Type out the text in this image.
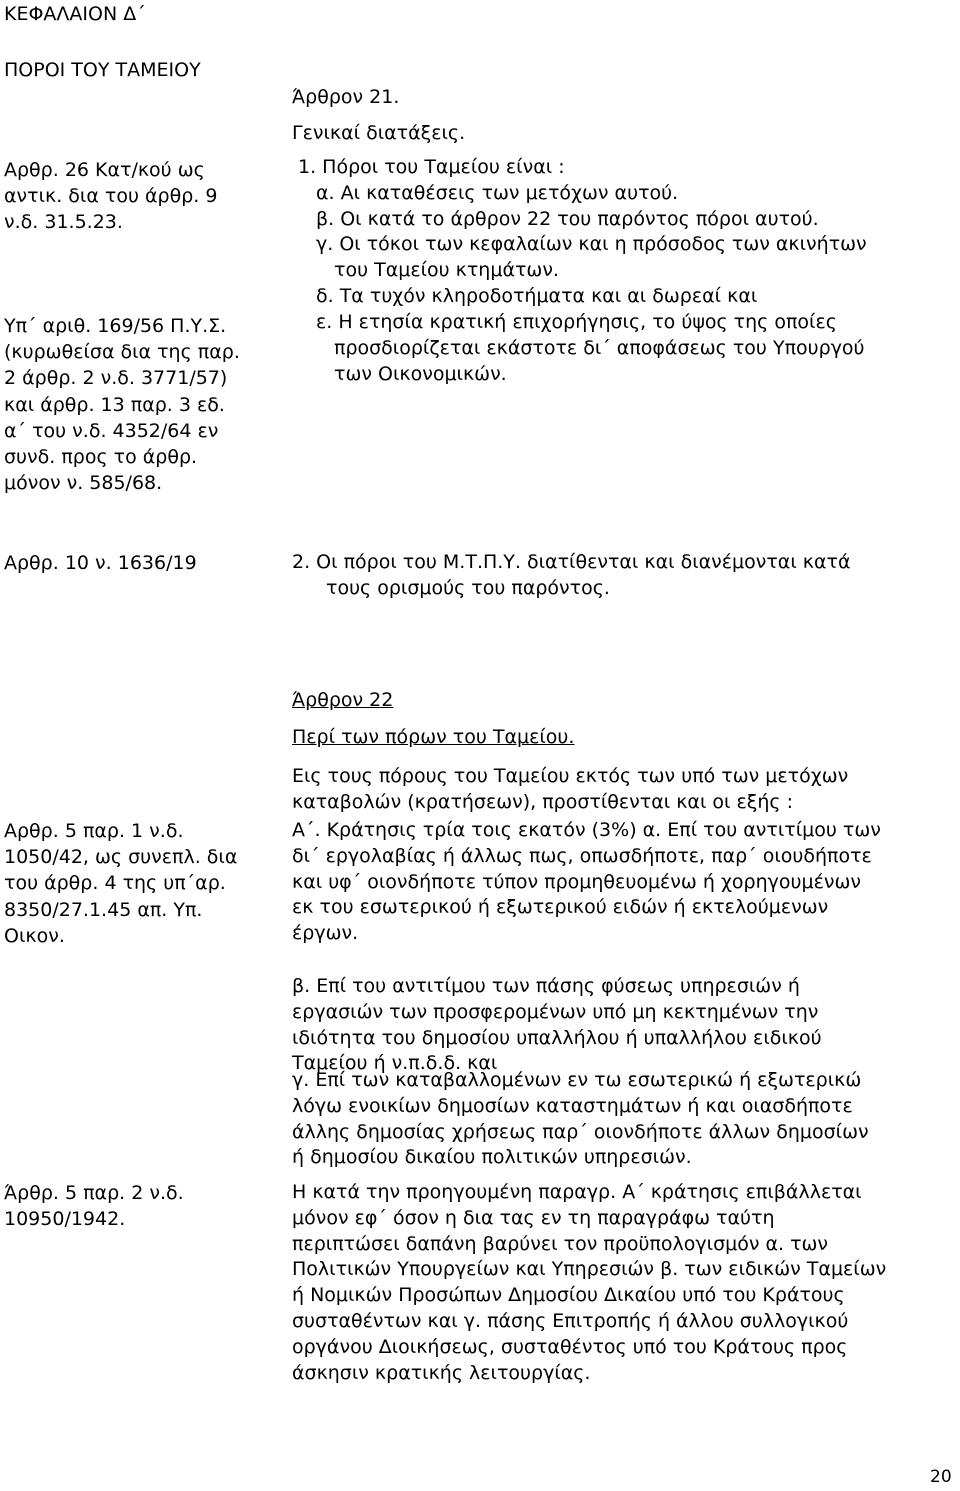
ΚΕΦΑΛΑΙΟΝ Δ΄
ΠΟΡΟΙ ΤΟΥ ΤΑΜΕΙΟΥ
Αρθρ. 26 Κατ/κού ως
αντικ. δια του άρθρ. 9
ν.δ. 31.5.23.
Υπ΄ αριθ. 169/56 Π.Υ.Σ.
(κυρωθείσα δια της παρ.
2 άρθρ. 2 ν.δ. 3771/57)
και άρθρ. 13 παρ. 3 εδ.
α΄ του ν.δ. 4352/64 εν
συνδ. προς το άρθρ.
μόνον ν. 585/68.
Αρθρ. 10 ν. 1636/19
Αρθρ. 5 παρ. 1 ν.δ.
1050/42, ως συνεπλ. δια
του άρθρ. 4 της υπ΄αρ.
8350/27.1.45 απ. Υπ.
Οικον.
Άρθρ. 5 παρ. 2 ν.δ.
10950/1942.
Άρθρον 21.
Γενικαί διατάξεις.
1. Πόροι του Ταμείου είναι :
α. Αι καταθέσεις των μετόχων αυτού.
β. Οι κατά το άρθρον 22 του παρόντος πόροι αυτού.
γ. Οι τόκοι των κεφαλαίων και η πρόσοδος των ακινήτων
του Ταμείου κτημάτων.
δ. Τα τυχόν κληροδοτήματα και αι δωρεαί και
ε. Η ετησία κρατική επιχορήγησις, το ύψος της οποίες
προσδιορίζεται εκάστοτε δι΄ αποφάσεως του Υπουργού
των Οικονομικών.
2. Οι πόροι του Μ.Τ.Π.Υ. διατίθενται και διανέμονται κατά
τους ορισμούς του παρόντος.
Άρθρον 22
Περί των πόρων του Ταμείου.
Εις τους πόρους του Ταμείου εκτός των υπό των μετόχων
καταβολών (κρατήσεων), προστίθενται και οι εξής :
Α΄. Κράτησις τρία τοις εκατόν (3%) α. Επί του αντιτίμου των
δι΄ εργολαβίας ή άλλως πως, οπωσδήποτε, παρ΄ οιουδήποτε
και υφ΄ οιονδήποτε τύπον προμηθευομένω ή χορηγουμένων
εκ του εσωτερικού ή εξωτερικού ειδών ή εκτελούμενων
έργων.
β. Επί του αντιτίμου των πάσης φύσεως υπηρεσιών ή
εργασιών των προσφερομένων υπό μη κεκτημένων την
ιδιότητα του δημοσίου υπαλλήλου ή υπαλλήλου ειδικού
Ταμείου ή ν.π.δ.δ. και
γ. Επί των καταβαλλομένων εν τω εσωτερικώ ή εξωτερικώ
λόγω ενοικίων δημοσίων καταστημάτων ή και οιασδήποτε
άλλης δημοσίας χρήσεως παρ΄ οιονδήποτε άλλων δημοσίων
ή δημοσίου δικαίου πολιτικών υπηρεσιών.
Η κατά την προηγουμένη παραγρ. Α΄ κράτησις επιβάλλεται
μόνον εφ΄ όσον η δια τας εν τη παραγράφω ταύτη
περιπτώσει δαπάνη βαρύνει τον προϋπολογισμόν α. των
Πολιτικών Υπουργείων και Υπηρεσιών β. των ειδικών Ταμείων
ή Νομικών Προσώπων Δημοσίου Δικαίου υπό του Κράτους
συσταθέντων και γ. πάσης Επιτροπής ή άλλου συλλογικού
οργάνου Διοικήσεως, συσταθέντος υπό του Κράτους προς
άσκησιν κρατικής λειτουργίας.
20
